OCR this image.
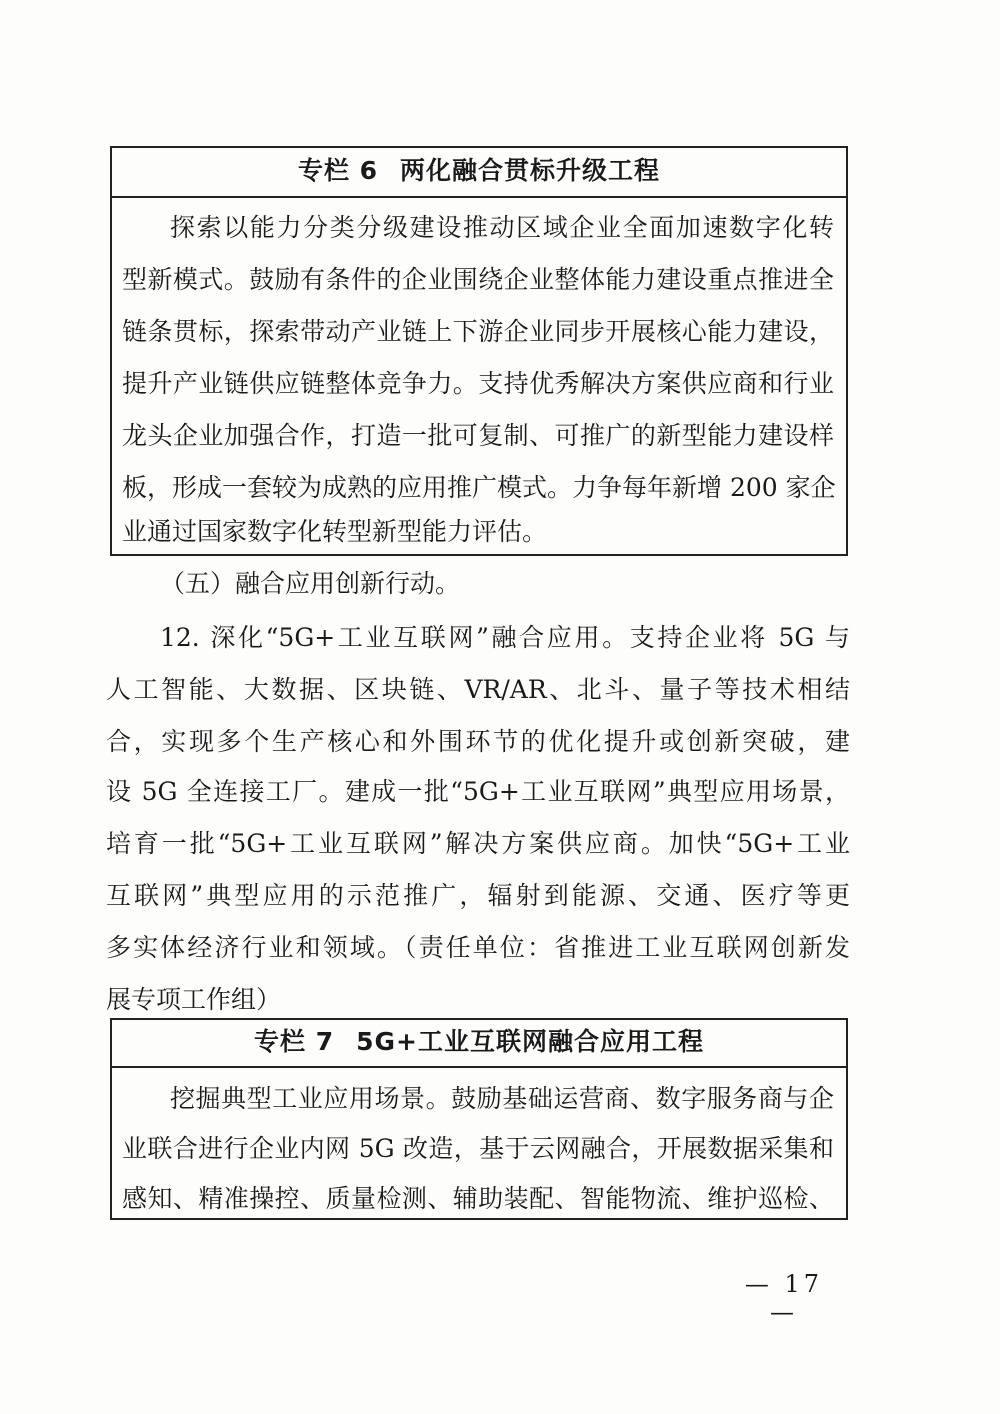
专栏 6 两化融合贯标升级工程
探索以能力分类分级建设推动区域企业全面加速数字化转
型新模式。鼓励有条件的企业围绕企业整体能力建设重点推进全
链条贯标，探索带动产业链上下游企业同步开展核心能力建设，
提升产业链供应链整体竞争力。支持优秀解决方案供应商和行业
龙头企业加强合作，打造一批可复制、可推广的新型能力建设样
板，形成一套较为成熟的应用推广模式。力争每年新增 200 家企
业通过国家数字化转型新型能力评估。
（五）融合应用创新行动。
12. 深化“5G+工业互联网”融合应用。支持企业将 5G 与
人工智能、大数据、区块链、VR/AR、北斗、量子等技术相结
合，实现多个生产核心和外围环节的优化提升或创新突破，建
设 5G 全连接工厂。建成一批“5G+工业互联网”典型应用场景，
培育一批“5G+工业互联网”解决方案供应商。加快“5G+工业
互联网”典型应用的示范推广，辐射到能源、交通、医疗等更
多实体经济行业和领域。（责任单位：省推进工业互联网创新发
展专项工作组）
专栏 7 5G+工业互联网融合应用工程
挖掘典型工业应用场景。鼓励基础运营商、数字服务商与企
业联合进行企业内网 5G 改造，基于云网融合，开展数据采集和
感知、精准操控、质量检测、辅助装配、智能物流、维护巡检、
— 17 —
